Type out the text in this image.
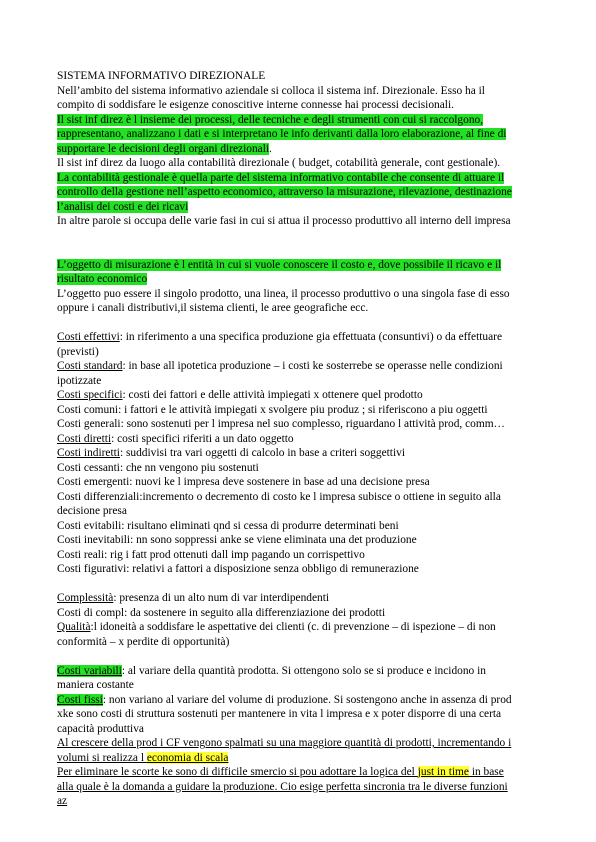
SISTEMA INFORMATIVO DIREZIONALE
Nell’ambito del sistema informativo aziendale si colloca il sistema inf. Direzionale. Esso ha il
compito di soddisfare le esigenze conoscitive interne connesse hai processi decisionali.
Il sist inf direz è l insieme dei processi, delle tecniche e degli strumenti con cui si raccolgono,
rappresentano, analizzano i dati e si interpretano le info derivanti dalla loro elaborazione, al fine di
supportare le decisioni degli organi direzionali.
Il sist inf direz da luogo alla contabilità direzionale ( budget, cotabilità generale, cont gestionale).
La contabilità gestionale è quella parte del sistema informativo contabile che consente di attuare il
controllo della gestione nell’aspetto economico, attraverso la misurazione, rilevazione, destinazione
l’analisi dei costi e dei ricavi
In altre parole si occupa delle varie fasi in cui si attua il processo produttivo all interno dell impresa
L’oggetto di misurazione è l entità in cui si vuole conoscere il costo e, dove possibile il ricavo e il
risultato economico
L’oggetto puo essere il singolo prodotto, una linea, il processo produttivo o una singola fase di esso
oppure i canali distributivi,il sistema clienti, le aree geografiche ecc.
Costi effettivi: in riferimento a una specifica produzione gia effettuata (consuntivi) o da effettuare
(previsti)
Costi standard: in base all ipotetica produzione – i costi ke sosterrebe se operasse nelle condizioni
ipotizzate
Costi specifici: costi dei fattori e delle attività impiegati x ottenere quel prodotto
Costi comuni: i fattori e le attività impiegati x svolgere piu produz ; si riferiscono a piu oggetti
Costi generali: sono sostenuti per l impresa nel suo complesso, riguardano l attività prod, comm…
Costi diretti: costi specifici riferiti a un dato oggetto
Costi indiretti: suddivisi tra vari oggetti di calcolo in base a criteri soggettivi
Costi cessanti: che nn vengono piu sostenuti
Costi emergenti: nuovi ke l impresa deve sostenere in base ad una decisione presa
Costi differenziali:incremento o decremento di costo ke l impresa subisce o ottiene in seguito alla
decisione presa
Costi evitabili: risultano eliminati qnd si cessa di produrre determinati beni
Costi inevitabili: nn sono soppressi anke se viene eliminata una det produzione
Costi reali: rig i fatt prod ottenuti dall imp pagando un corrispettivo
Costi figurativi: relativi a fattori a disposizione senza obbligo di remunerazione
Complessità: presenza di un alto num di var interdipendenti
Costi di compl: da sostenere in seguito alla differenziazione dei prodotti
Qualità:l idoneità a soddisfare le aspettative dei clienti (c. di prevenzione – di ispezione – di non
conformità – x perdite di opportunità)
Costi variabili: al variare della quantità prodotta. Si ottengono solo se si produce e incidono in
maniera costante
Costi fissi: non variano al variare del volume di produzione. Si sostengono anche in assenza di prod
xke sono costi di struttura sostenuti per mantenere in vita l impresa e x poter disporre di una certa
capacità produttiva
Al crescere della prod i CF vengono spalmati su una maggiore quantità di prodotti, incrementando i
volumi si realizza l economia di scala
Per eliminare le scorte ke sono di difficile smercio si pou adottare la logica del just in time in base
alla quale è la domanda a guidare la produzione. Cio esige perfetta sincronia tra le diverse funzioni
az
